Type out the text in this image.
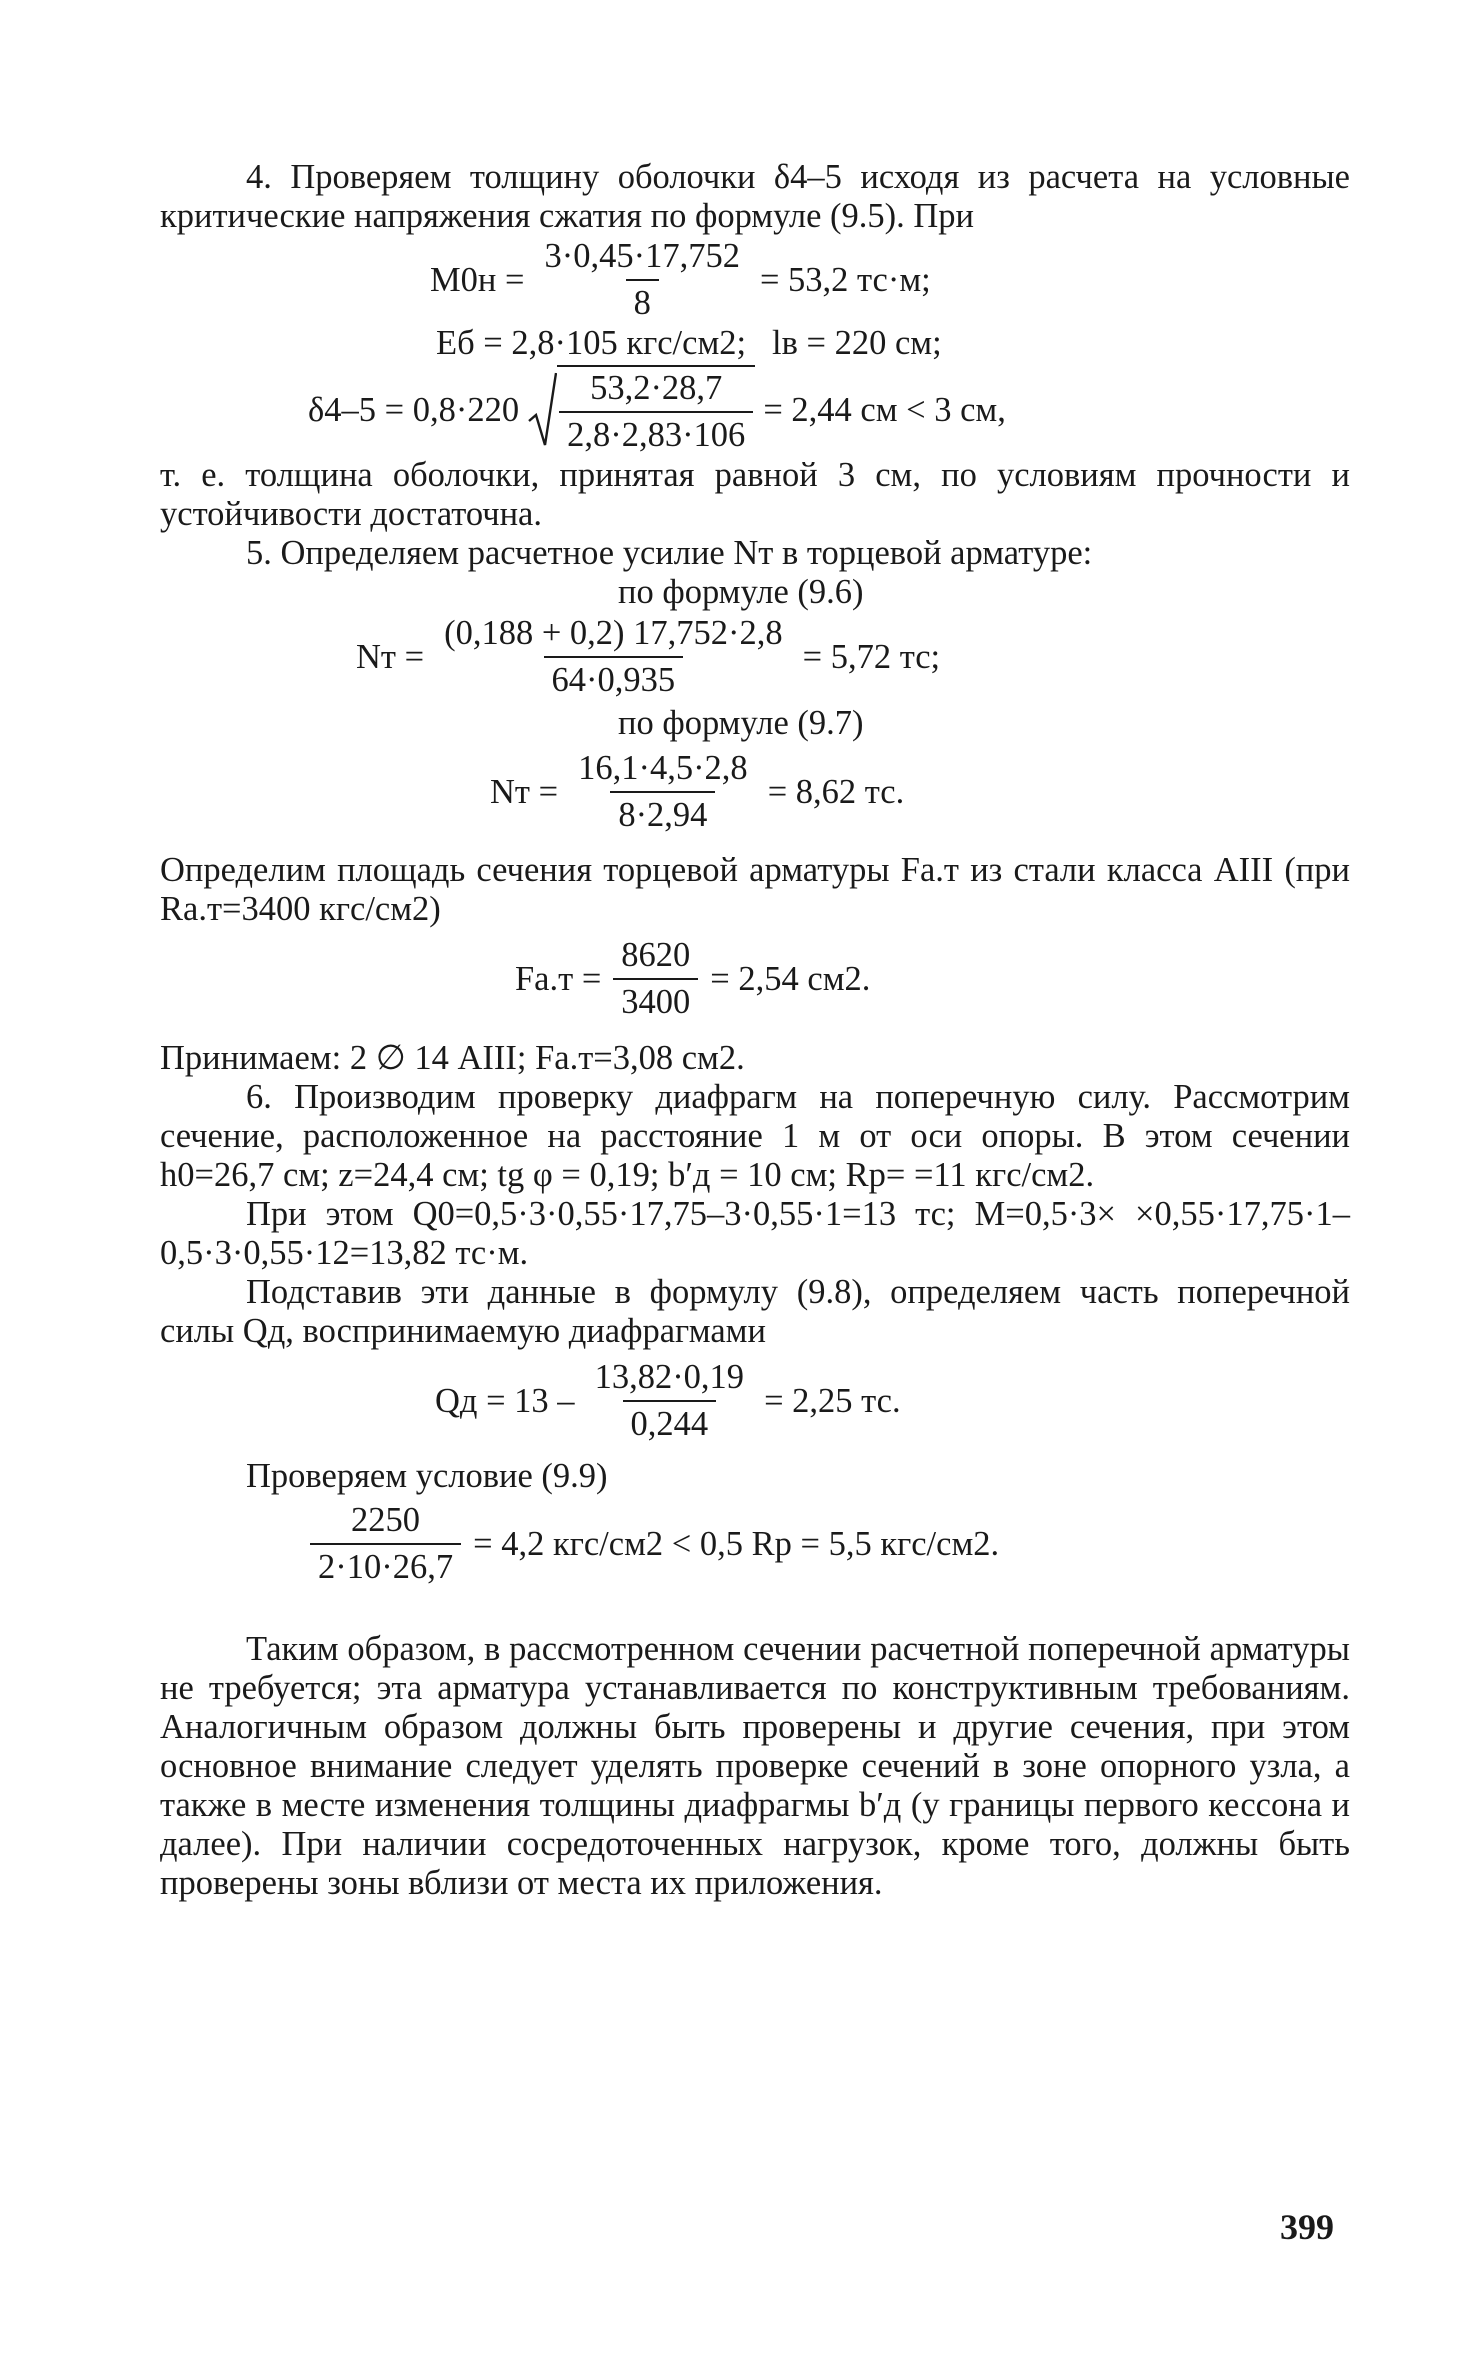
4. Проверяем толщину оболочки δ4–5 исходя из расчета на условные критические напряжения сжатия по формуле (9.5). При

$M0н = \frac{3\cdot 0,45\cdot 17,752}{8} = 53,2$ тс·м;
Eб = 2,8·105 кгс/см2;   lв = 220 см;
$\delta 4-5 = 0,8\cdot 220 \frac{53,2\cdot 28,7}{2,8\cdot 2,83\cdot 106} = 2,44$ см < 3 см,

т. е. толщина оболочки, принятая равной 3 см, по условиям прочности и устойчивости достаточна.

5. Определяем расчетное усилие Nт в торцевой арматуре:

по формуле (9.6)
Nт = $\frac{(0,188 + 0,2) 17,752\cdot 2,8}{64\cdot 0,935} = 5,72$ тс;
по формуле (9.7)
Nт = $\frac{16,1\cdot 4,5\cdot 2,8}{8\cdot 2,94} = 8,62$ тс.

Определим площадь сечения торцевой арматуры Fа.т из стали класса AIII (при Rа.т=3400 кгс/см2)

$Fа.т = \frac{8620}{3400} = 2,54$ см2.

Принимаем: 2 ∅ 14 AIII; Fа.т=3,08 см2.

6. Производим проверку диафрагм на поперечную силу. Рассмотрим сечение, расположенное на расстояние 1 м от оси опоры. В этом сечении h0=26,7 см; z=24,4 см; tg φ = 0,19; b′д = 10 см; Rр= =11 кгс/см2.

При этом Q0=0,5·3·0,55·17,75–3·0,55·1=13 тс; M=0,5·3× ×0,55·17,75·1–0,5·3·0,55·12=13,82 тс·м.

Подставив эти данные в формулу (9.8), определяем часть поперечной силы Qд, воспринимаемую диафрагмами

Qд = $13 - \frac{13,82\cdot 0,19}{0,244} = 2,25$ тс.

Проверяем условие (9.9)

$\frac{2250}{2\cdot 10\cdot 26,7} = 4,2$ кгс/см2 < 0,5 Rр = 5,5 кгс/см2.

Таким образом, в рассмотренном сечении расчетной поперечной арматуры не требуется; эта арматура устанавливается по конструктивным требованиям. Аналогичным образом должны быть проверены и другие сечения, при этом основное внимание следует уделять проверке сечений в зоне опорного узла, а также в месте изменения толщины диафрагмы b′д (у границы первого кессона и далее). При наличии сосредоточенных нагрузок, кроме того, должны быть проверены зоны вблизи от места их приложения.

399
